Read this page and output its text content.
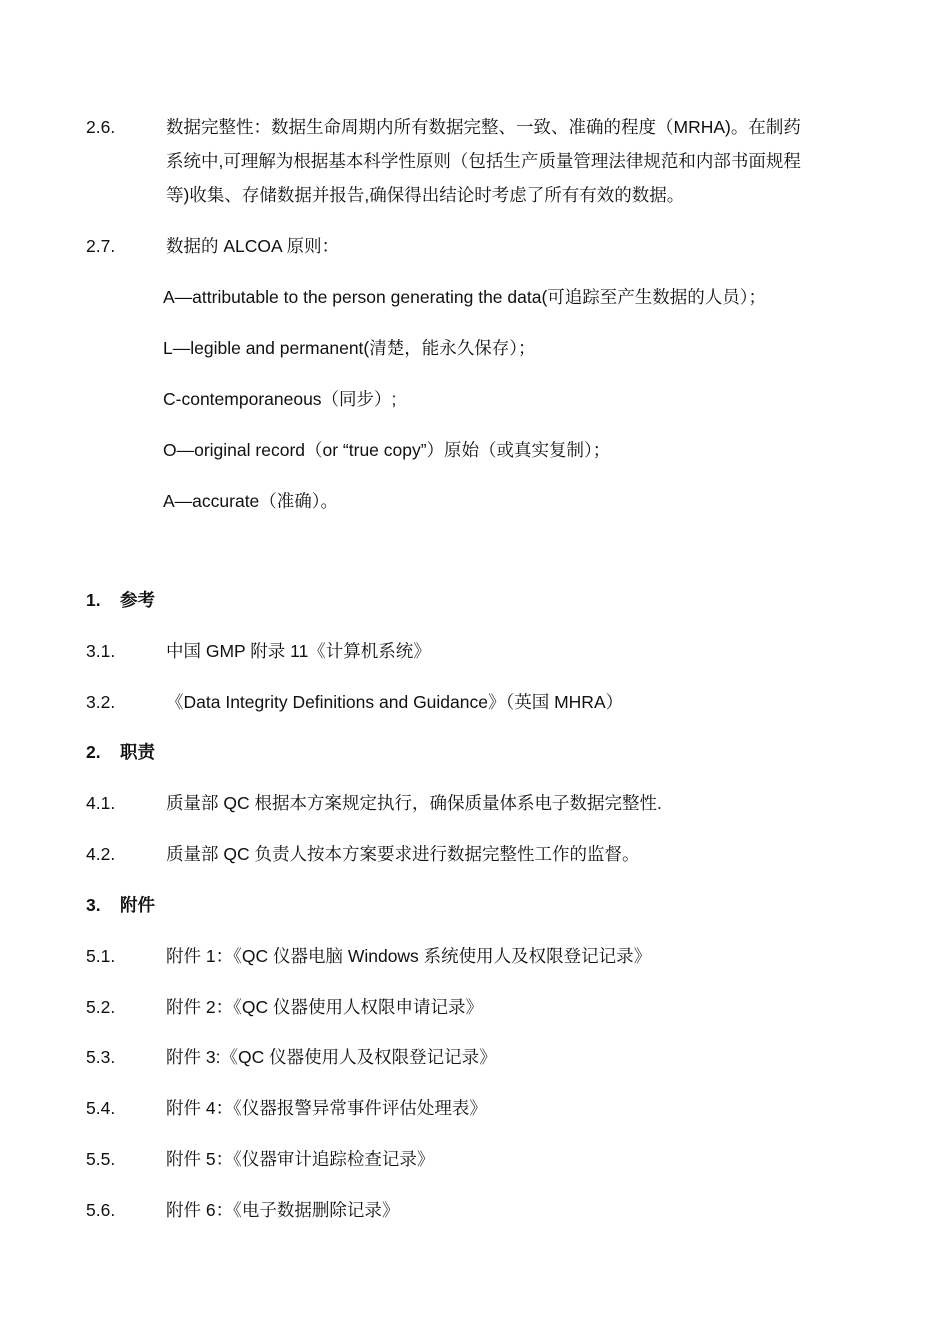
2.6.	数据完整性：数据生命周期内所有数据完整、一致、准确的程度（MRHA)。在制药
系统中,可理解为根据基本科学性原则（包括生产质量管理法律规范和内部书面规程
等)收集、存储数据并报告,确保得出结论时考虑了所有有效的数据。
2.7.	数据的 ALCOA 原则：
A—attributable to the person generating the data(可追踪至产生数据的人员）；
L—legible and permanent(清楚，能永久保存）；
C-contemporaneous（同步）;
O—original record（or “true copy”）原始（或真实复制）；
A—accurate（准确）。
1. 参考
3.1.	中国 GMP 附录 11《计算机系统》
3.2.	《Data Integrity Definitions and Guidance》（英国 MHRA）
2. 职责
4.1.	质量部 QC 根据本方案规定执行，确保质量体系电子数据完整性.
4.2.	质量部 QC 负责人按本方案要求进行数据完整性工作的监督。
3. 附件
5.1.	附件 1：《QC 仪器电脑 Windows 系统使用人及权限登记记录》
5.2.	附件 2：《QC 仪器使用人权限申请记录》
5.3.	附件 3:《QC 仪器使用人及权限登记记录》
5.4.	附件 4：《仪器报警异常事件评估处理表》
5.5.	附件 5：《仪器审计追踪检查记录》
5.6.	附件 6：《电子数据删除记录》
